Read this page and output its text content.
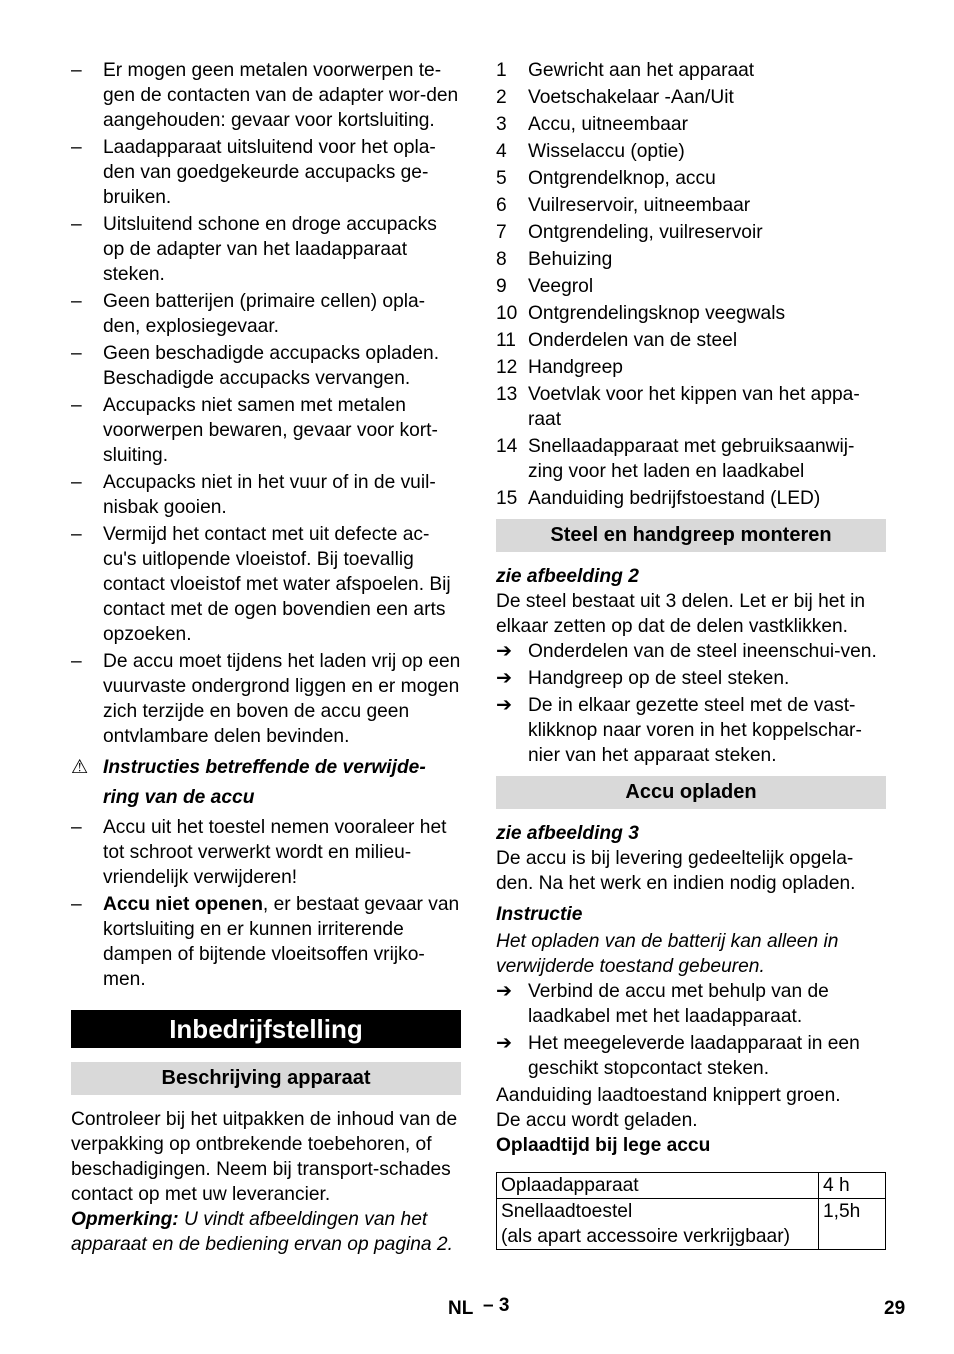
– Er mogen geen metalen voorwerpen te-gen de contacten van de adapter wor-den aangehouden: gevaar voor kortsluiting.
– Laadapparaat uitsluitend voor het opla-den van goedgekeurde accupacks ge-bruiken.
– Uitsluitend schone en droge accupacks op de adapter van het laadapparaat steken.
– Geen batterijen (primaire cellen) opla-den, explosiegevaar.
– Geen beschadigde accupacks opladen. Beschadigde accupacks vervangen.
– Accupacks niet samen met metalen voorwerpen bewaren, gevaar voor kort-sluiting.
– Accupacks niet in het vuur of in de vuil-nisbak gooien.
– Vermijd het contact met uit defecte ac-cu's uitlopende vloeistof. Bij toevallig contact vloeistof met water afspoelen. Bij contact met de ogen bovendien een arts opzoeken.
– De accu moet tijdens het laden vrij op een vuurvaste ondergrond liggen en er mogen zich terzijde en boven de accu geen ontvlambare delen bevinden.
⚠ Instructies betreffende de verwijde-ring van de accu
– Accu uit het toestel nemen vooraleer het tot schroot verwerkt wordt en milieu-vriendelijk verwijderen!
– Accu niet openen, er bestaat gevaar van kortsluiting en er kunnen irriterende dampen of bijtende vloeitsoffen vrijko-men.
Inbedrijfstelling
Beschrijving apparaat

Controleer bij het uitpakken de inhoud van de verpakking op ontbrekende toebehoren, of beschadigingen. Neem bij transport-schades contact op met uw leverancier.

Opmerking: U vindt afbeeldingen van het apparaat en de bediening ervan op pagina 2.

1 Gewricht aan het apparaat
2 Voetschakelaar -Aan/Uit
3 Accu, uitneembaar
4 Wisselaccu (optie)
5 Ontgrendelknop, accu
6 Vuilreservoir, uitneembaar
7 Ontgrendeling, vuilreservoir
8 Behuizing
9 Veegrol
10 Ontgrendelingsknop veegwals
11 Onderdelen van de steel
12 Handgreep
13 Voetvlak voor het kippen van het appa-raat
14 Snellaadapparaat met gebruiksaanwij-zing voor het laden en laadkabel
15 Aanduiding bedrijfstoestand (LED)
Steel en handgreep monteren

zie afbeelding 2

De steel bestaat uit 3 delen. Let er bij het in elkaar zetten op dat de delen vastklikken.

➔ Onderdelen van de steel ineenschui-ven.
➔ Handgreep op de steel steken.
➔ De in elkaar gezette steel met de vast-klikknop naar voren in het koppelschar-nier van het apparaat steken.
Accu opladen

zie afbeelding 3

De accu is bij levering gedeeltelijk opgela-den. Na het werk en indien nodig opladen.

Instructie

Het opladen van de batterij kan alleen in verwijderde toestand gebeuren.

➔ Verbind de accu met behulp van de laadkabel met het laadapparaat.
➔ Het meegeleverde laadapparaat in een geschikt stopcontact steken.

Aanduiding laadtoestand knippert groen.

De accu wordt geladen.

Oplaadtijd bij lege accu

Oplaadapparaat	4 h
Snellaadtoestel
(als apart accessoire verkrijgbaar)	1,5h
NL – 3	29
